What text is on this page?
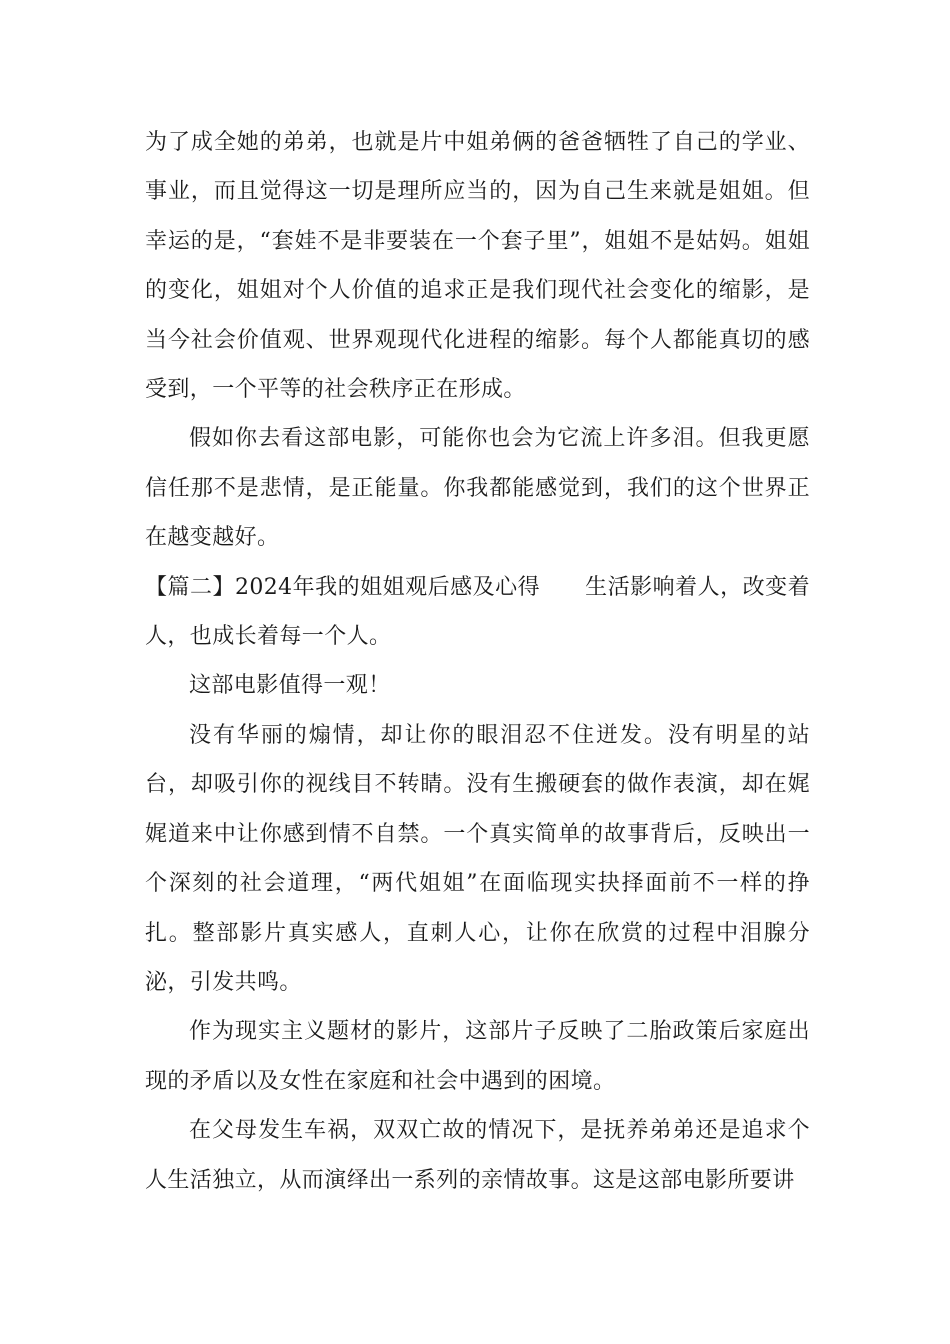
为了成全她的弟弟，也就是片中姐弟俩的爸爸牺牲了自己的学业、事业，而且觉得这一切是理所应当的，因为自己生来就是姐姐。但幸运的是，“套娃不是非要装在一个套子里”，姐姐不是姑妈。姐姐的变化，姐姐对个人价值的追求正是我们现代社会变化的缩影，是当今社会价值观、世界观现代化进程的缩影。每个人都能真切的感受到，一个平等的社会秩序正在形成。

假如你去看这部电影，可能你也会为它流上许多泪。但我更愿信任那不是悲情，是正能量。你我都能感觉到，我们的这个世界正在越变越好。

【篇二】2024年我的姐姐观后感及心得　　 生活影响着人，改变着人，也成长着每一个人。

这部电影值得一观！

没有华丽的煽情，却让你的眼泪忍不住迸发。没有明星的站台，却吸引你的视线目不转睛。没有生搬硬套的做作表演，却在娓娓道来中让你感到情不自禁。一个真实简单的故事背后，反映出一个深刻的社会道理，“两代姐姐”在面临现实抉择面前不一样的挣扎。整部影片真实感人，直刺人心，让你在欣赏的过程中泪腺分泌，引发共鸣。

作为现实主义题材的影片，这部片子反映了二胎政策后家庭出现的矛盾以及女性在家庭和社会中遇到的困境。

在父母发生车祸，双双亡故的情况下，是抚养弟弟还是追求个人生活独立，从而演绎出一系列的亲情故事。这是这部电影所要讲
